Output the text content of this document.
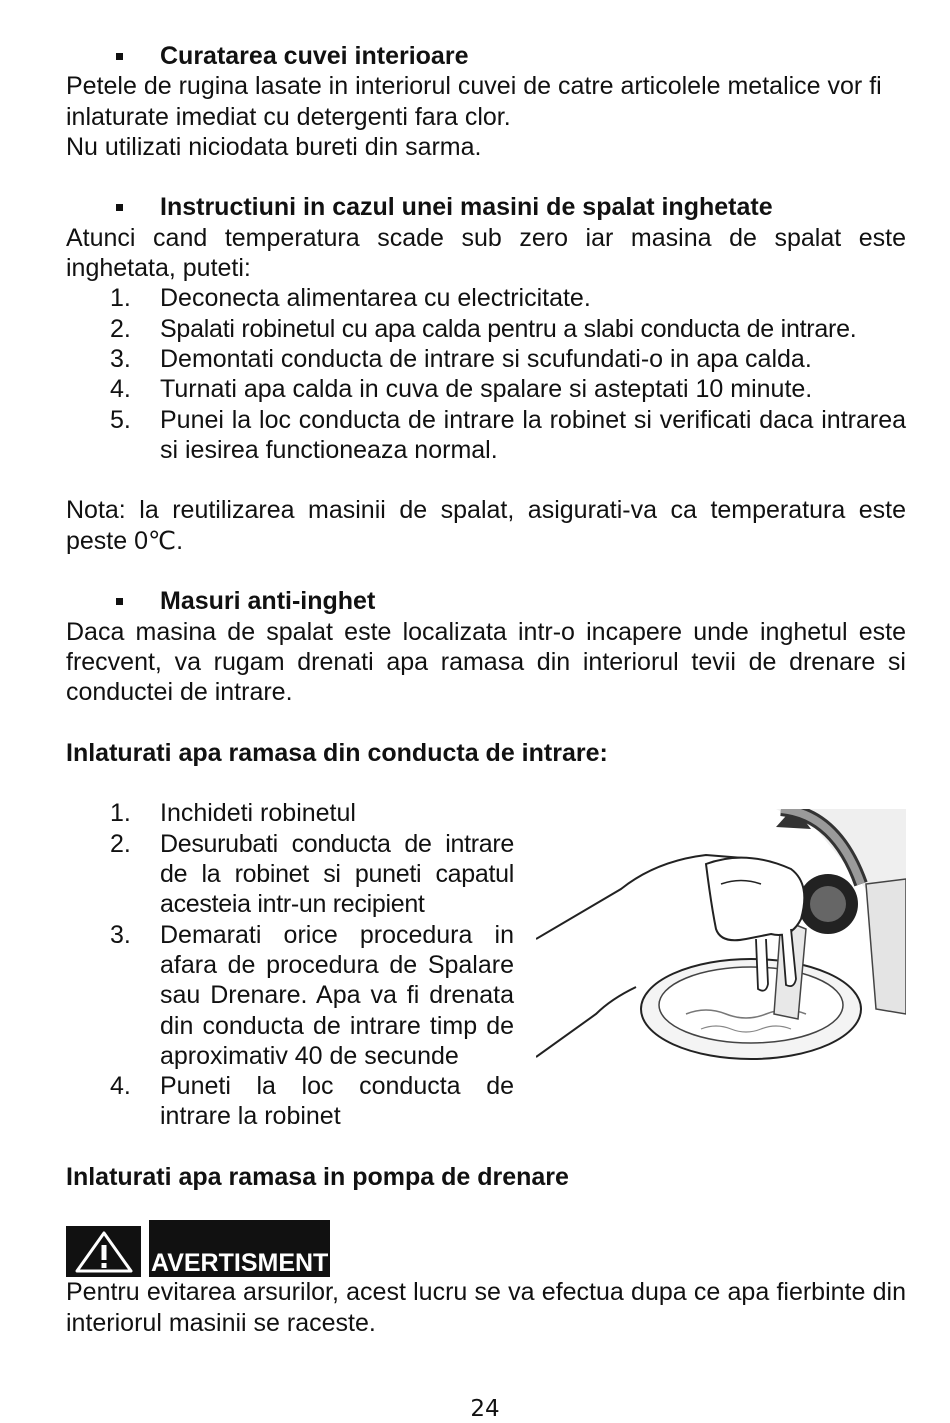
Curatarea cuvei interioare

Petele de rugina lasate in interiorul cuvei de catre articolele metalice vor fi inlaturate imediat cu detergenti fara clor.

Nu utilizati niciodata bureti din sarma.

Instructiuni in cazul unei masini de spalat inghetate

Atunci cand temperatura scade sub zero iar masina de spalat este inghetata, puteti:

1. Deconecta alimentarea cu electricitate.
2. Spalati robinetul cu apa calda pentru a slabi conducta de intrare.
3. Demontati conducta de intrare si scufundati-o in apa calda.
4. Turnati apa calda in cuva de spalare si asteptati 10 minute.
5. Punei la loc conducta de intrare la robinet si verificati daca intrarea si iesirea functioneaza normal.

Nota: la reutilizarea masinii de spalat, asigurati-va ca temperatura este peste 0℃.

Masuri anti-inghet

Daca masina de spalat este localizata intr-o incapere unde inghetul este frecvent, va rugam drenati apa ramasa din interiorul tevii de drenare si conductei de intrare.

Inlaturati apa ramasa din conducta de intrare:

1. Inchideti robinetul
2. Desurubati conducta de intrare de la robinet si puneti capatul acesteia intr-un recipient
3. Demarati orice procedura in afara de procedura de Spalare sau Drenare. Apa va fi drenata din conducta de intrare timp de aproximativ 40 de secunde
4. Puneti la loc conducta de intrare la robinet

Inlaturati apa ramasa in pompa de drenare

AVERTISMENT

Pentru evitarea arsurilor, acest lucru se va efectua dupa ce apa fierbinte din interiorul masinii se raceste.

24
